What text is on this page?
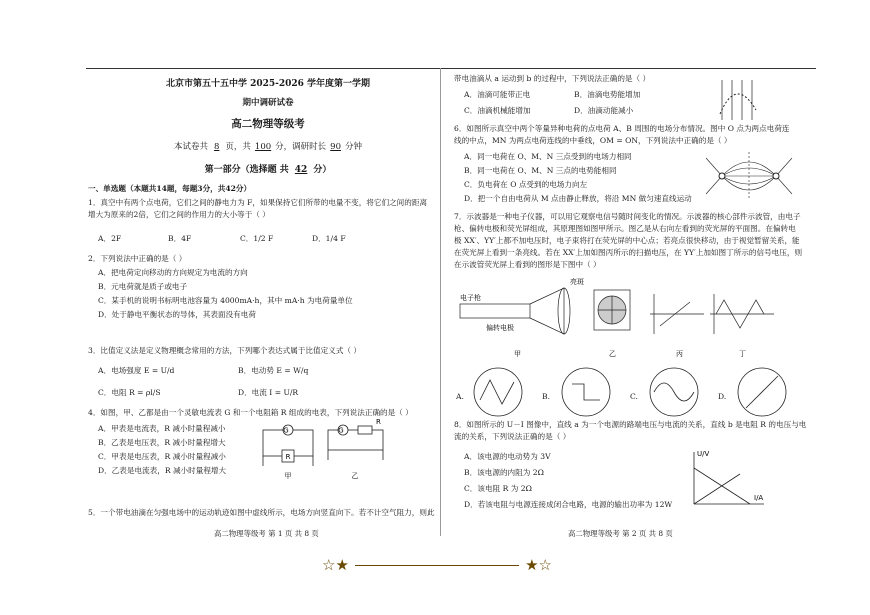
北京市第五十五中学 2025-2026 学年度第一学期
期中调研试卷
高二物理等级考
本试卷共 8 页，共 100 分，调研时长 90 分钟
第一部分（选择题 共 42 分）
一、单选题（本题共14题，每题3分，共42分）
1．真空中有两个点电荷，它们之间的静电力为 F，如果保持它们所带的电量不变，将它们之间的距离
增大为原来的2倍，它们之间的作用力的大小等于（ ）
A．2F	B．4F	C．1/2 F	D．1/4 F
2．下列说法中正确的是（ ）
A．把电荷定向移动的方向规定为电流的方向
B．元电荷就是质子或电子
C．某手机的说明书标明电池容量为 4000mA·h，其中 mA·h 为电荷量单位
D．处于静电平衡状态的导体，其表面没有电荷
3．比值定义法是定义物理概念常用的方法，下列哪个表达式属于比值定义式（ ）
A．电场强度 E = U/d	B．电动势 E = W/q
C．电阻 R = ρl/S	D．电流 I = U/R
4．如图，甲、乙都是由一个灵敏电流表 G 和一个电阻箱 R 组成的电表，下列说法正确的是（ ）
A．甲表是电流表，R 减小时量程减小
B．乙表是电压表，R 减小时量程增大
C．甲表是电压表，R 减小时量程减小
D．乙表是电流表，R 减小时量程增大
G	G
R
R
甲	乙
5．一个带电油滴在匀强电场中的运动轨迹如图中虚线所示，电场方向竖直向下。若不计空气阻力，则此
带电油滴从 a 运动到 b 的过程中，下列说法正确的是（ ）
A．油滴可能带正电	B．油滴电势能增加
C．油滴机械能增加	D．油滴动能减小
6．如图所示真空中两个等量异种电荷的点电荷 A、B 周围的电场分布情况。图中 O 点为两点电荷连
线的中点，MN 为两点电荷连线的中垂线，OM = ON，下列说法中正确的是（ ）
A．同一电荷在 O、M、N 三点受到的电场力相同
B．同一电荷在 O、M、N 三点的电势能相同
C．负电荷在 O 点受到的电场力向左
D．把一个自由电荷从 M 点由静止释放，将沿 MN 做匀速直线运动
7．示波器是一种电子仪器，可以用它观察电信号随时间变化的情况。示波器的核心部件示波管，由电子
枪、偏转电极和荧光屏组成，其原理图如图甲所示。图乙是从右向左看到的荧光屏的平面图。在偏转电
极 XX′、YY′上都不加电压时，电子束将打在荧光屏的中心点；若亮点很快移动，由于视觉暂留关系，能
在荧光屏上看到一条亮线。若在 XX′上加如图丙所示的扫描电压，在 YY′上加如图丁所示的信号电压，则
在示波管荧光屏上看到的图形是下图中（ ）
电子枪
偏转电极
亮斑
甲	乙	丙	丁
A.	B.	C.	D.
8．如图所示的 U－I 图像中，直线 a 为一个电源的路端电压与电流的关系，直线 b 是电阻 R 的电压与电
流的关系，下列说法正确的是（ ）
A．该电源的电动势为 3V
B．该电源的内阻为 2Ω
C．该电阻 R 为 2Ω
D．若该电阻与电源连接成闭合电路，电源的输出功率为 12W
U/V
I/A
高二物理等级考 第 1 页 共 8 页	高二物理等级考 第 2 页 共 8 页
☆★	★☆
